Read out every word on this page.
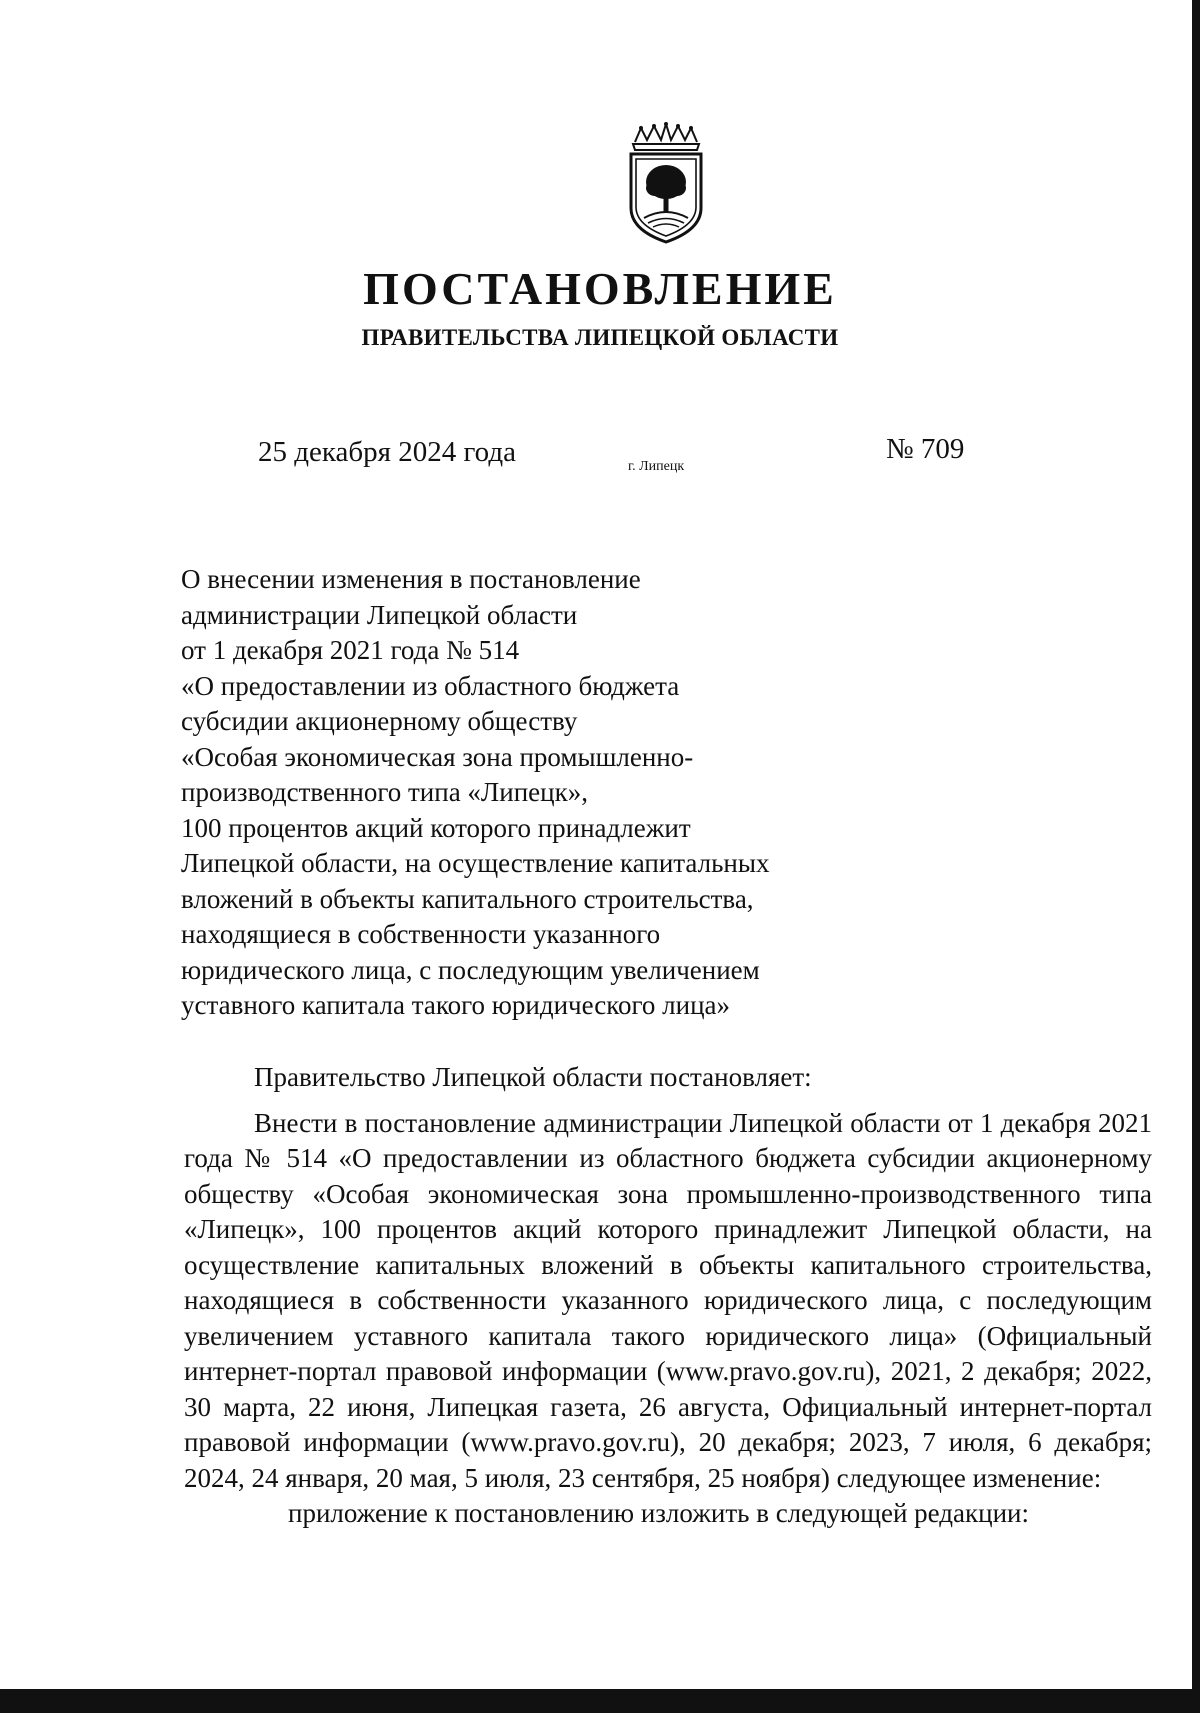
ПОСТАНОВЛЕНИЕ
ПРАВИТЕЛЬСТВА ЛИПЕЦКОЙ ОБЛАСТИ
25 декабря 2024 года	г. Липецк
№ 709
О внесении изменения в постановление
администрации Липецкой области
от 1 декабря 2021 года № 514
«О предоставлении из областного бюджета
субсидии акционерному обществу
«Особая экономическая зона промышленно-
производственного типа «Липецк»,
100 процентов акций которого принадлежит
Липецкой области, на осуществление капитальных
вложений в объекты капитального строительства,
находящиеся в собственности указанного
юридического лица, с последующим увеличением
уставного капитала такого юридического лица»

Правительство Липецкой области постановляет:

Внести в постановление администрации Липецкой области от 1 декабря 2021 года № 514 «О предоставлении из областного бюджета субсидии акционерному обществу «Особая экономическая зона промышленно-производственного типа «Липецк», 100 процентов акций которого принадлежит Липецкой области, на осуществление капитальных вложений в объекты капитального строительства, находящиеся в собственности указанного юридического лица, с последующим увеличением уставного капитала такого юридического лица» (Официальный интернет-портал правовой информации (www.pravo.gov.ru), 2021, 2 декабря; 2022, 30 марта, 22 июня, Липецкая газета, 26 августа, Официальный интернет-портал правовой информации (www.pravo.gov.ru), 20 декабря; 2023, 7 июля, 6 декабря; 2024, 24 января, 20 мая, 5 июля, 23 сентября, 25 ноября) следующее изменение:

приложение к постановлению изложить в следующей редакции:
